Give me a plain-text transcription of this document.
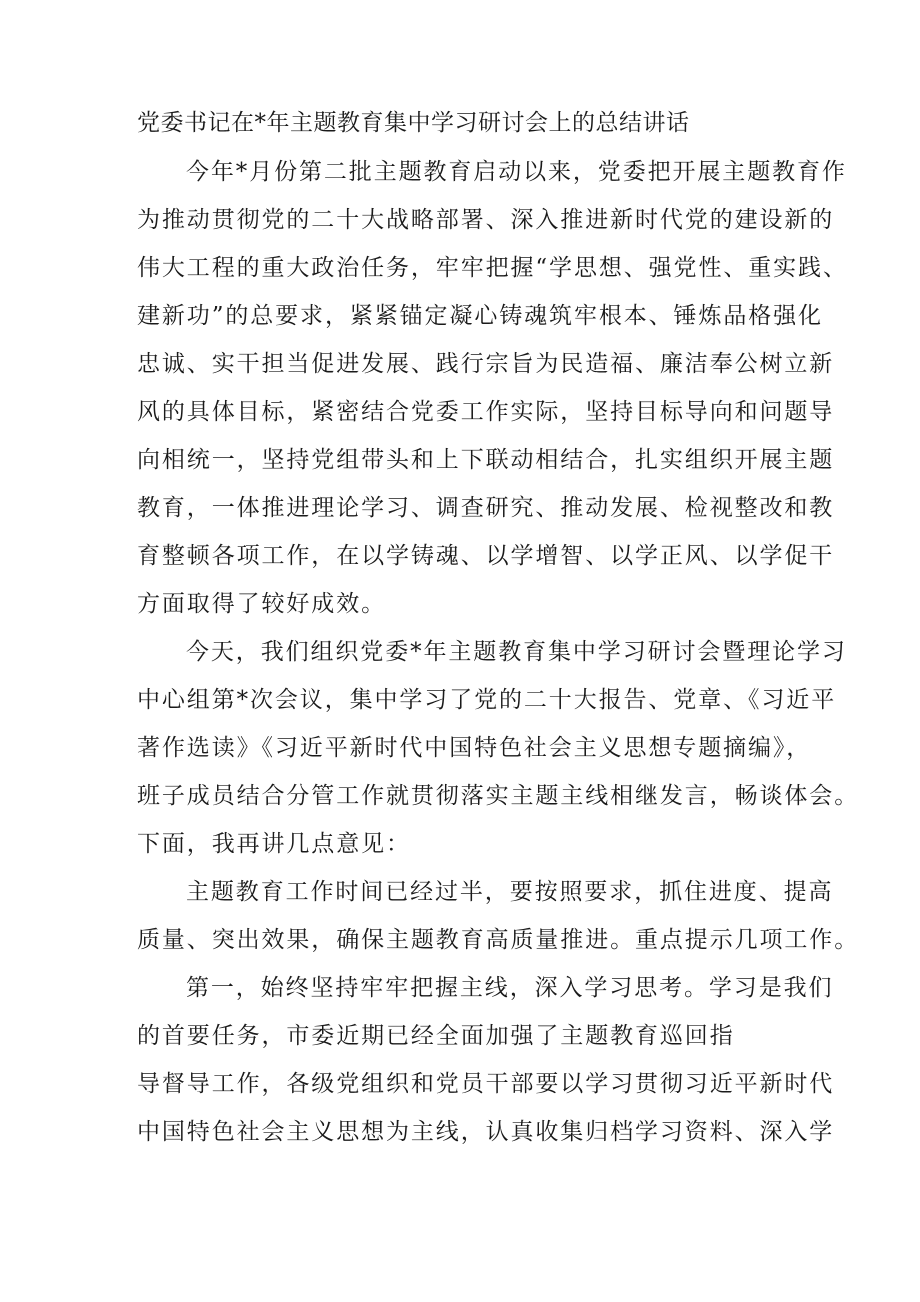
党委书记在*年主题教育集中学习研讨会上的总结讲话
今年*月份第二批主题教育启动以来，党委把开展主题教育作
为推动贯彻党的二十大战略部署、深入推进新时代党的建设新的
伟大工程的重大政治任务，牢牢把握“学思想、强党性、重实践、
建新功”的总要求，紧紧锚定凝心铸魂筑牢根本、锤炼品格强化
忠诚、实干担当促进发展、践行宗旨为民造福、廉洁奉公树立新
风的具体目标，紧密结合党委工作实际，坚持目标导向和问题导
向相统一，坚持党组带头和上下联动相结合，扎实组织开展主题
教育，一体推进理论学习、调查研究、推动发展、检视整改和教
育整顿各项工作，在以学铸魂、以学增智、以学正风、以学促干
方面取得了较好成效。
今天，我们组织党委*年主题教育集中学习研讨会暨理论学习
中心组第*次会议，集中学习了党的二十大报告、党章、《习近平
著作选读》《习近平新时代中国特色社会主义思想专题摘编》，
班子成员结合分管工作就贯彻落实主题主线相继发言，畅谈体会。
下面，我再讲几点意见：
主题教育工作时间已经过半，要按照要求，抓住进度、提高
质量、突出效果，确保主题教育高质量推进。重点提示几项工作。
第一，始终坚持牢牢把握主线，深入学习思考。学习是我们
的首要任务，市委近期已经全面加强了主题教育巡回指
导督导工作，各级党组织和党员干部要以学习贯彻习近平新时代
中国特色社会主义思想为主线，认真收集归档学习资料、深入学
